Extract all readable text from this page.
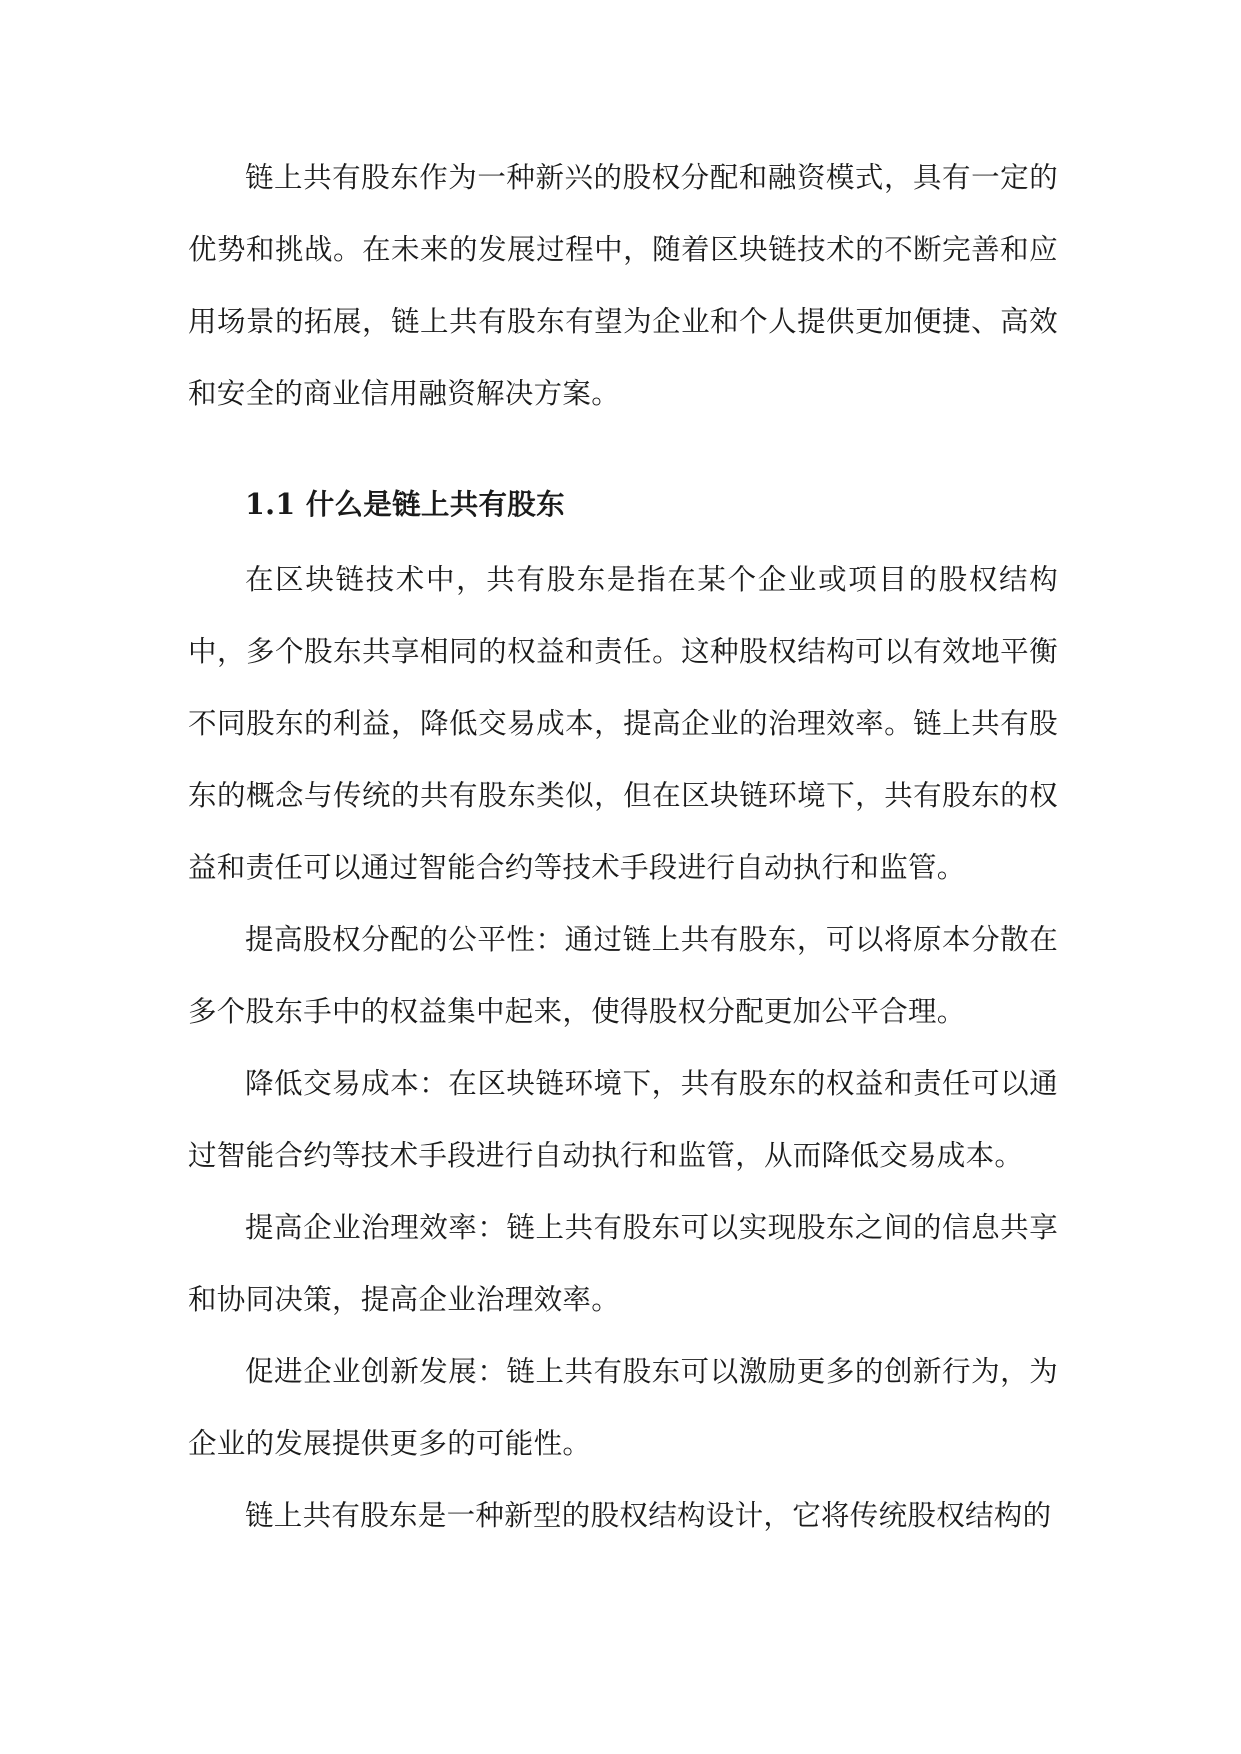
链上共有股东作为一种新兴的股权分配和融资模式，具有一定的优势和挑战。在未来的发展过程中，随着区块链技术的不断完善和应用场景的拓展，链上共有股东有望为企业和个人提供更加便捷、高效和安全的商业信用融资解决方案。

1.1 什么是链上共有股东

在区块链技术中，共有股东是指在某个企业或项目的股权结构中，多个股东共享相同的权益和责任。这种股权结构可以有效地平衡不同股东的利益，降低交易成本，提高企业的治理效率。链上共有股东的概念与传统的共有股东类似，但在区块链环境下，共有股东的权益和责任可以通过智能合约等技术手段进行自动执行和监管。

提高股权分配的公平性：通过链上共有股东，可以将原本分散在多个股东手中的权益集中起来，使得股权分配更加公平合理。

降低交易成本：在区块链环境下，共有股东的权益和责任可以通过智能合约等技术手段进行自动执行和监管，从而降低交易成本。

提高企业治理效率：链上共有股东可以实现股东之间的信息共享和协同决策，提高企业治理效率。

促进企业创新发展：链上共有股东可以激励更多的创新行为，为企业的发展提供更多的可能性。

链上共有股东是一种新型的股权结构设计，它将传统股权结构的
